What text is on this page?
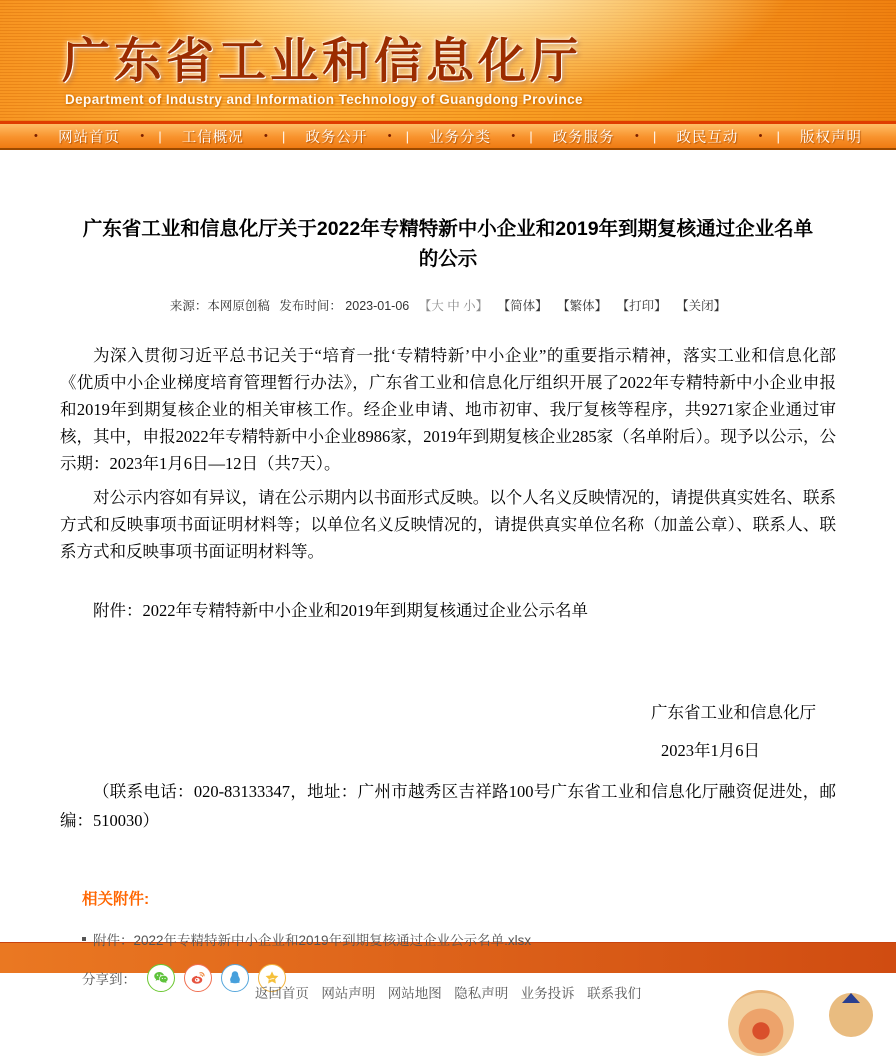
广东省工业和信息化厅
Department of Industry and Information Technology of Guangdong Province
• 网站首页 • | 工信概况 • | 政务公开 • | 业务分类 • | 政务服务 • | 政民互动 • | 版权声明
广东省工业和信息化厅关于2022年专精特新中小企业和2019年到期复核通过企业名单的公示
来源：本网原创稿 发布时间： 2023-01-06 【大 中 小】 【简体】 【繁体】 【打印】 【关闭】

为深入贯彻习近平总书记关于“培育一批‘专精特新’中小企业”的重要指示精神，落实工业和信息化部《优质中小企业梯度培育管理暂行办法》，广东省工业和信息化厅组织开展了2022年专精特新中小企业申报和2019年到期复核企业的相关审核工作。经企业申请、地市初审、我厅复核等程序，共9271家企业通过审核，其中，申报2022年专精特新中小企业8986家，2019年到期复核企业285家（名单附后）。现予以公示，公示期：2023年1月6日—12日（共7天）。

对公示内容如有异议，请在公示期内以书面形式反映。以个人名义反映情况的，请提供真实姓名、联系方式和反映事项书面证明材料等；以单位名义反映情况的，请提供真实单位名称（加盖公章）、联系人、联系方式和反映事项书面证明材料等。

附件：2022年专精特新中小企业和2019年到期复核通过企业公示名单

广东省工业和信息化厅

2023年1月6日

（联系电话：020-83133347，地址：广州市越秀区吉祥路100号广东省工业和信息化厅融资促进处，邮编：510030）

相关附件:
附件：2022年专精特新中小企业和2019年到期复核通过企业公示名单.xlsx
分享到：
返回首页 网站声明 网站地图 隐私声明 业务投诉 联系我们
